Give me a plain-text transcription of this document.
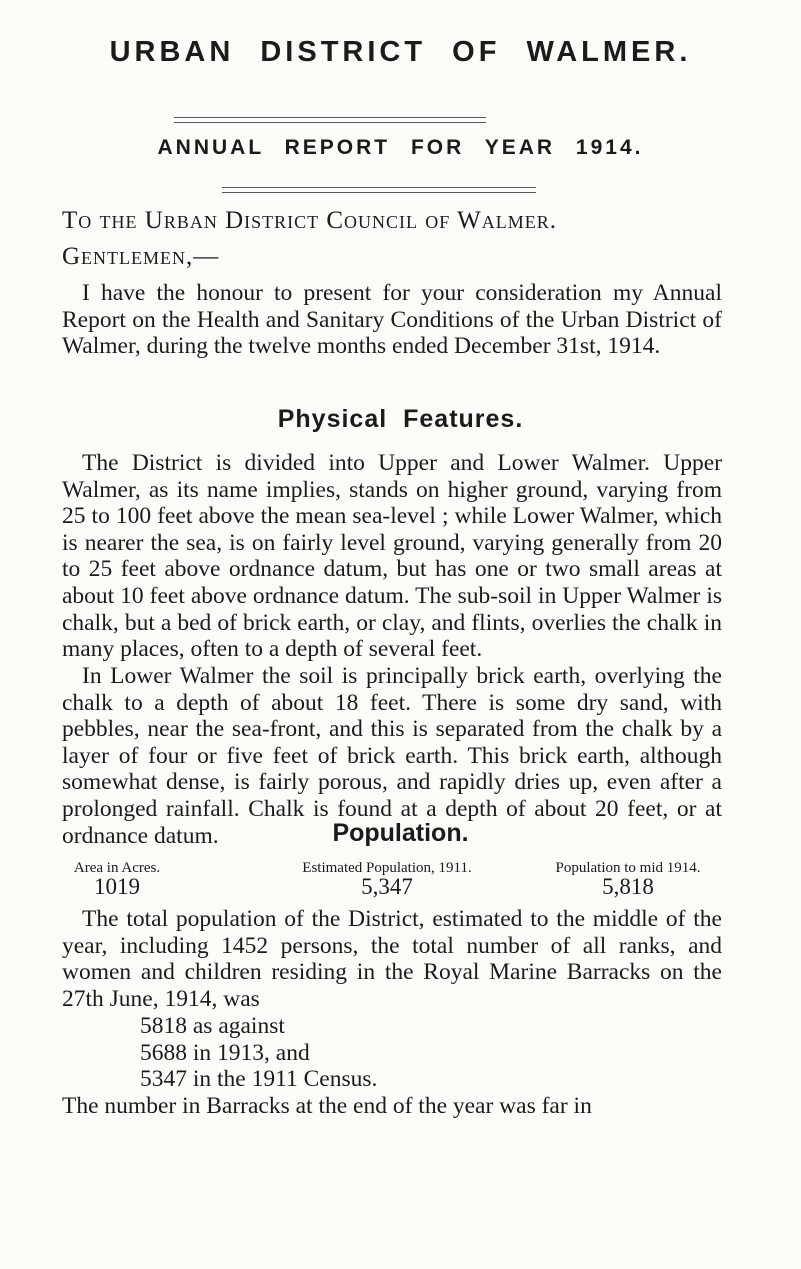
URBAN DISTRICT OF WALMER.
ANNUAL REPORT FOR YEAR 1914.
To the Urban District Council of Walmer.
Gentlemen,—
I have the honour to present for your consideration my Annual Report on the Health and Sanitary Conditions of the Urban District of Walmer, during the twelve months ended December 31st, 1914.
Physical Features.
The District is divided into Upper and Lower Walmer. Upper Walmer, as its name implies, stands on higher ground, varying from 25 to 100 feet above the mean sea-level ; while Lower Walmer, which is nearer the sea, is on fairly level ground, varying generally from 20 to 25 feet above ordnance datum, but has one or two small areas at about 10 feet above ordnance datum. The sub-soil in Upper Walmer is chalk, but a bed of brick earth, or clay, and flints, overlies the chalk in many places, often to a depth of several feet.
In Lower Walmer the soil is principally brick earth, overlying the chalk to a depth of about 18 feet. There is some dry sand, with pebbles, near the sea-front, and this is separated from the chalk by a layer of four or five feet of brick earth. This brick earth, although somewhat dense, is fairly porous, and rapidly dries up, even after a prolonged rainfall. Chalk is found at a depth of about 20 feet, or at ordnance datum.	Population.
Area in Acres.
1019
Estimated Population, 1911.
5,347
Population to mid 1914.
5,818
The total population of the District, estimated to the middle of the year, including 1452 persons, the total number of all ranks, and women and children residing in the Royal Marine Barracks on the 27th June, 1914, was
5818 as against
5688 in 1913, and
5347 in the 1911 Census.
The number in Barracks at the end of the year was far in
